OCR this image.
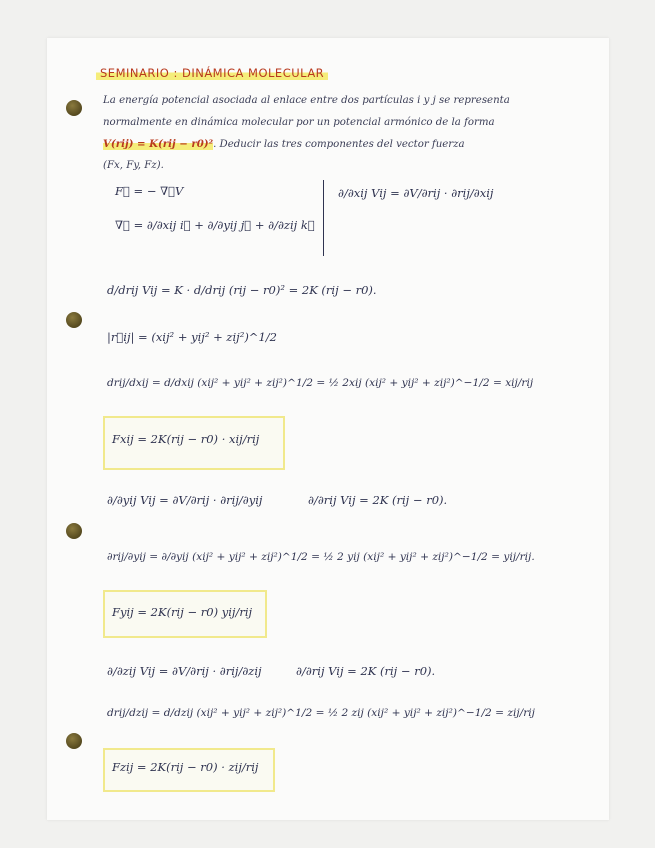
SEMINARIO : DINÁMICA MOLECULAR
La energía potencial asociada al enlace entre dos partículas i y j se representa
normalmente en dinámica molecular por un potencial armónico de la forma
V(rij) = K(rij − r0)². Deducir las tres componentes del vector fuerza
(Fx, Fy, Fz).
F⃗ = − ∇⃗V
∇⃗ = ∂/∂xij i⃗ + ∂/∂yij j⃗ + ∂/∂zij k⃗
∂/∂xij Vij = ∂V/∂rij · ∂rij/∂xij
d/drij Vij = K · d/drij (rij − r0)² = 2K (rij − r0).
|r⃗ij| = (xij² + yij² + zij²)^1/2
drij/dxij = d/dxij (xij² + yij² + zij²)^1/2 = ½ 2xij (xij² + yij² + zij²)^−1/2 = xij/rij
Fxij = 2K(rij − r0) · xij/rij
∂/∂yij Vij = ∂V/∂rij · ∂rij/∂yij	∂/∂rij Vij = 2K (rij − r0).
∂rij/∂yij = ∂/∂yij (xij² + yij² + zij²)^1/2 = ½ 2 yij (xij² + yij² + zij²)^−1/2 = yij/rij.
Fyij = 2K(rij − r0) yij/rij
∂/∂zij Vij = ∂V/∂rij · ∂rij/∂zij	∂/∂rij Vij = 2K (rij − r0).
drij/dzij = d/dzij (xij² + yij² + zij²)^1/2 = ½ 2 zij (xij² + yij² + zij²)^−1/2 = zij/rij
Fzij = 2K(rij − r0) · zij/rij
